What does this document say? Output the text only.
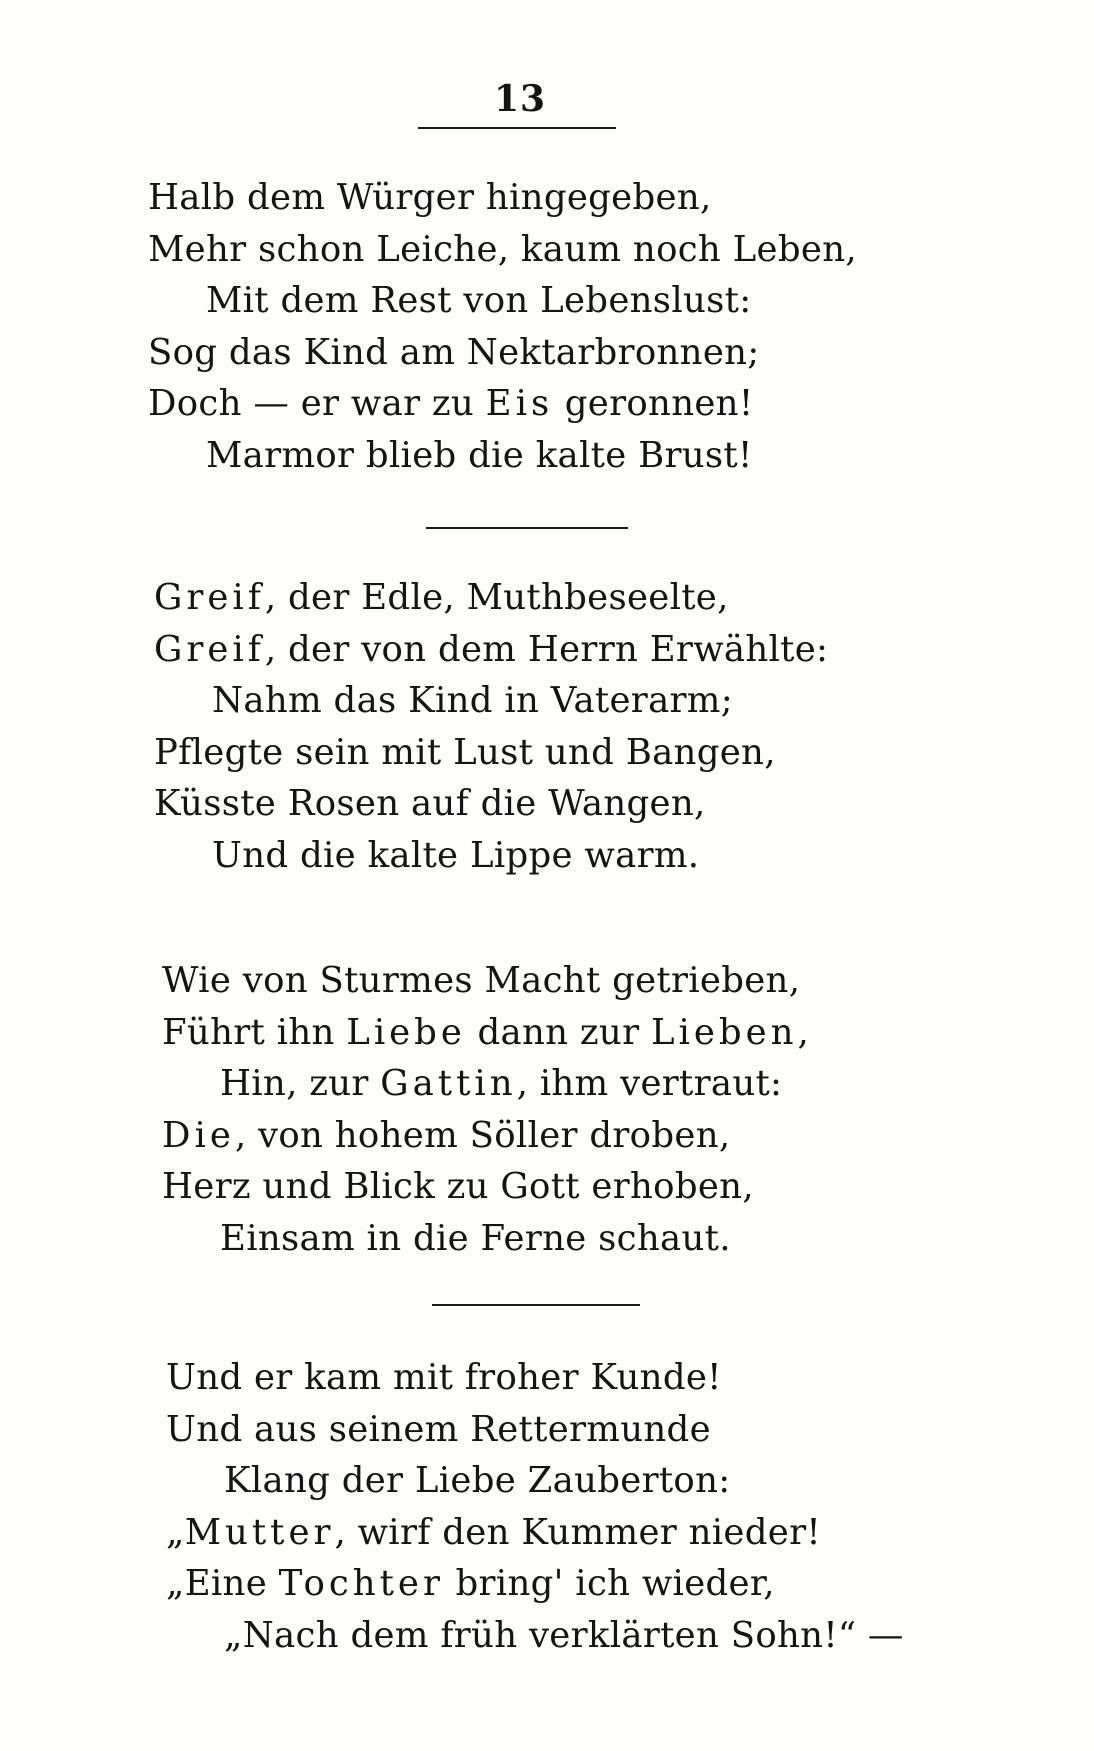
13
Halb dem Würger hingegeben,
Mehr schon Leiche, kaum noch Leben,
Mit dem Rest von Lebenslust:
Sog das Kind am Nektarbronnen;
Doch — er war zu Eis geronnen!
Marmor blieb die kalte Brust!
Greif, der Edle, Muthbeseelte,
Greif, der von dem Herrn Erwählte:
Nahm das Kind in Vaterarm;
Pflegte sein mit Lust und Bangen,
Küsste Rosen auf die Wangen,
Und die kalte Lippe warm.
Wie von Sturmes Macht getrieben,
Führt ihn Liebe dann zur Lieben,
Hin, zur Gattin, ihm vertraut:
Die, von hohem Söller droben,
Herz und Blick zu Gott erhoben,
Einsam in die Ferne schaut.
Und er kam mit froher Kunde!
Und aus seinem Rettermunde
Klang der Liebe Zauberton:
„Mutter, wirf den Kummer nieder!
„Eine Tochter bring' ich wieder,
„Nach dem früh verklärten Sohn!“ —
